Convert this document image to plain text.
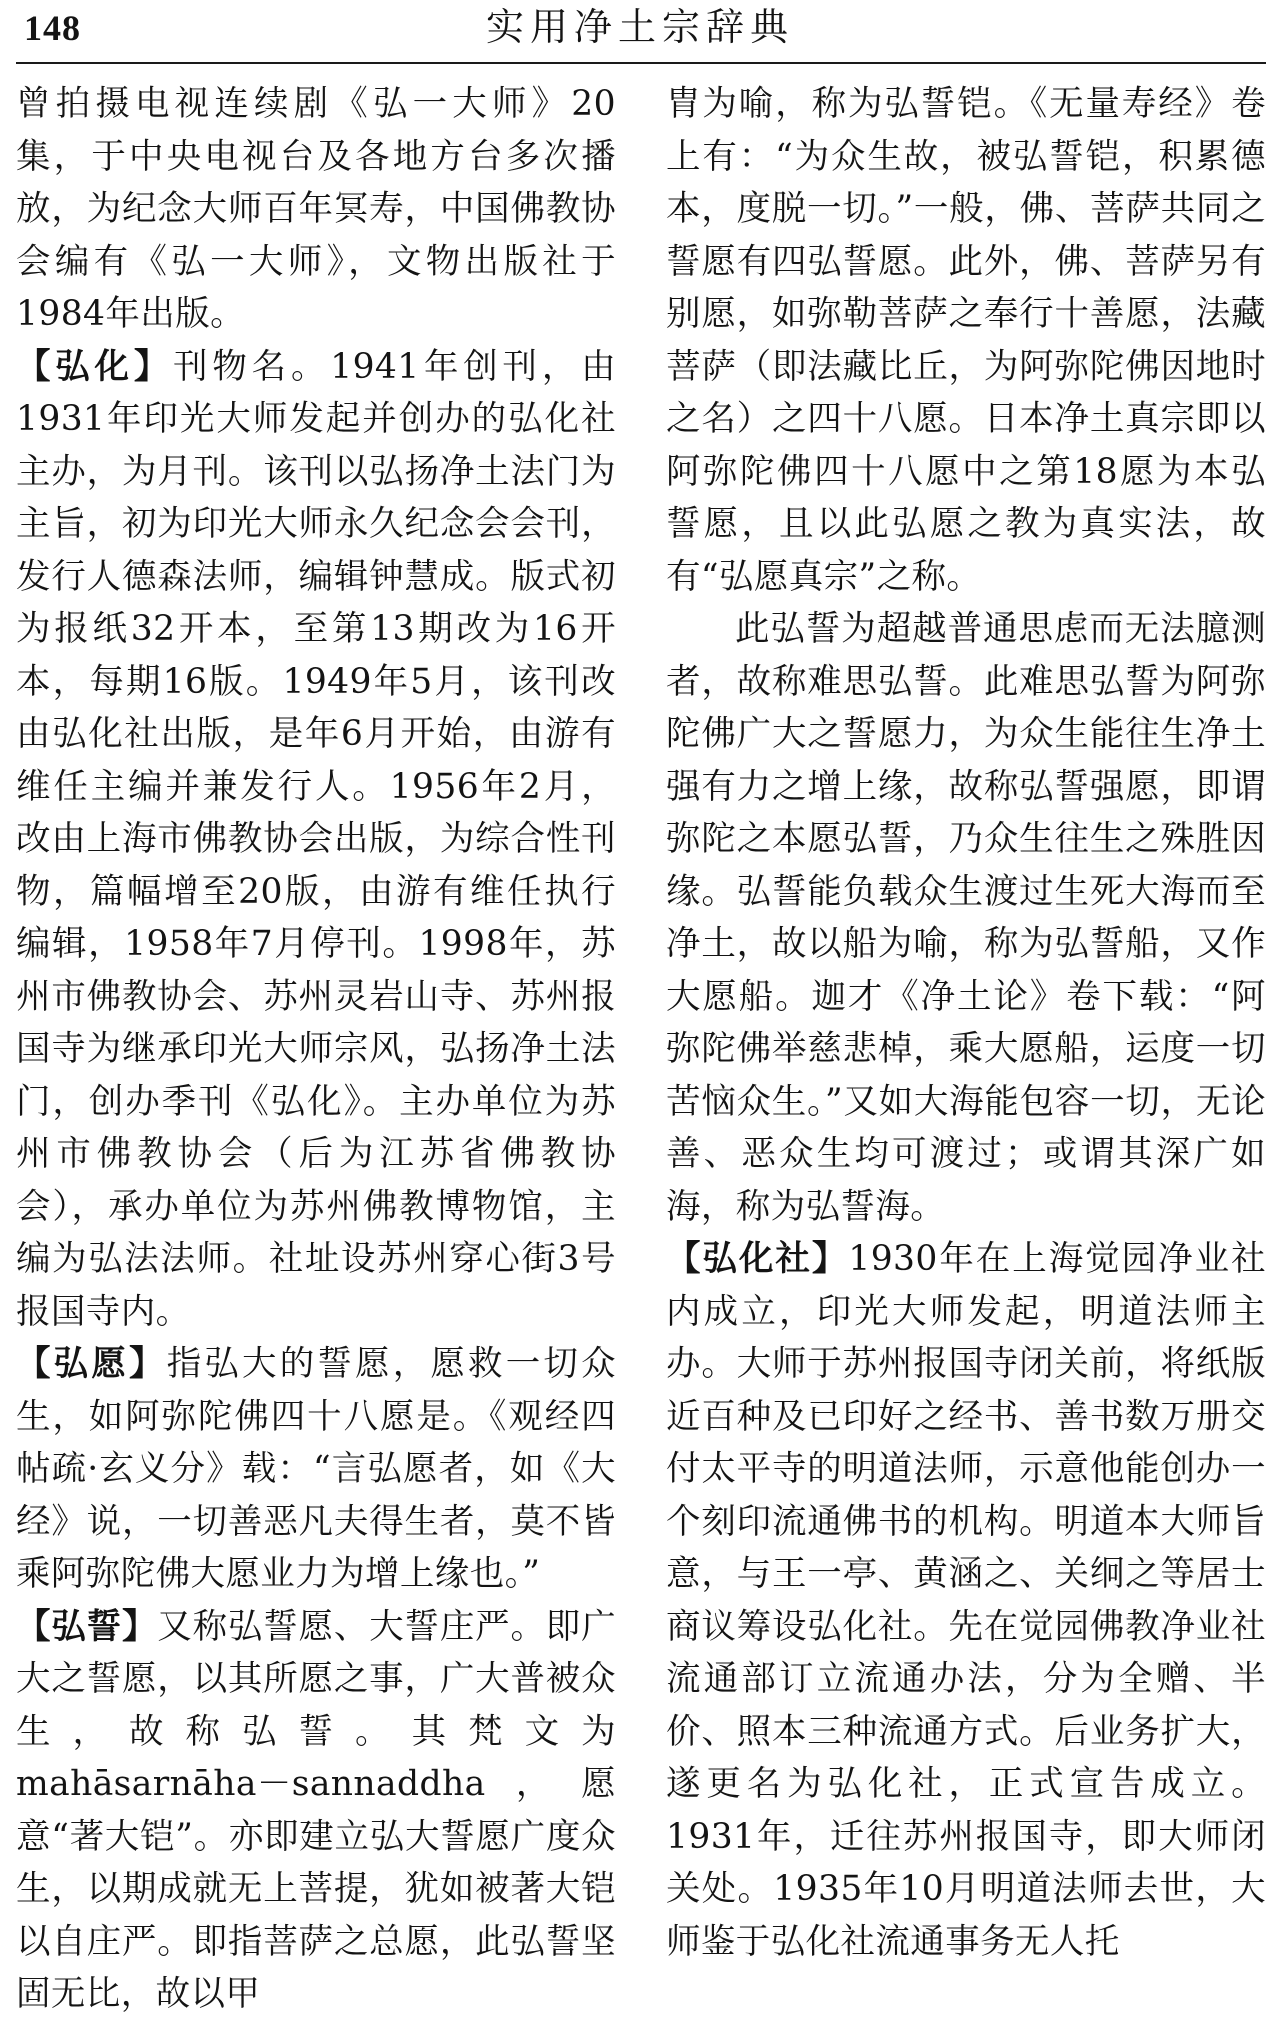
148	实用净土宗辞典

曾拍摄电视连续剧《弘一大师》20集，于中央电视台及各地方台多次播放，为纪念大师百年冥寿，中国佛教协会编有《弘一大师》，文物出版社于1984年出版。

【弘化】刊物名。1941年创刊，由1931年印光大师发起并创办的弘化社主办，为月刊。该刊以弘扬净土法门为主旨，初为印光大师永久纪念会会刊，发行人德森法师，编辑钟慧成。版式初为报纸32开本，至第13期改为16开本，每期16版。1949年5月，该刊改由弘化社出版，是年6月开始，由游有维任主编并兼发行人。1956年2月，改由上海市佛教协会出版，为综合性刊物，篇幅增至20版，由游有维任执行编辑，1958年7月停刊。1998年，苏州市佛教协会、苏州灵岩山寺、苏州报国寺为继承印光大师宗风，弘扬净土法门，创办季刊《弘化》。主办单位为苏州市佛教协会（后为江苏省佛教协会），承办单位为苏州佛教博物馆，主编为弘法法师。社址设苏州穿心街3号报国寺内。

【弘愿】指弘大的誓愿，愿救一切众生，如阿弥陀佛四十八愿是。《观经四帖疏·玄义分》载：“言弘愿者，如《大经》说，一切善恶凡夫得生者，莫不皆乘阿弥陀佛大愿业力为增上缘也。”

【弘誓】又称弘誓愿、大誓庄严。即广大之誓愿，以其所愿之事，广大普被众生，故称弘誓。其梵文为mahāsarnāha－sannaddha，愿意“著大铠”。亦即建立弘大誓愿广度众生，以期成就无上菩提，犹如被著大铠以自庄严。即指菩萨之总愿，此弘誓坚固无比，故以甲

胄为喻，称为弘誓铠。《无量寿经》卷上有：“为众生故，被弘誓铠，积累德本，度脱一切。”一般，佛、菩萨共同之誓愿有四弘誓愿。此外，佛、菩萨另有别愿，如弥勒菩萨之奉行十善愿，法藏菩萨（即法藏比丘，为阿弥陀佛因地时之名）之四十八愿。日本净土真宗即以阿弥陀佛四十八愿中之第18愿为本弘誓愿，且以此弘愿之教为真实法，故有“弘愿真宗”之称。

此弘誓为超越普通思虑而无法臆测者，故称难思弘誓。此难思弘誓为阿弥陀佛广大之誓愿力，为众生能往生净土强有力之增上缘，故称弘誓强愿，即谓弥陀之本愿弘誓，乃众生往生之殊胜因缘。弘誓能负载众生渡过生死大海而至净土，故以船为喻，称为弘誓船，又作大愿船。迦才《净土论》卷下载：“阿弥陀佛举慈悲棹，乘大愿船，运度一切苦恼众生。”又如大海能包容一切，无论善、恶众生均可渡过；或谓其深广如海，称为弘誓海。

【弘化社】1930年在上海觉园净业社内成立，印光大师发起，明道法师主办。大师于苏州报国寺闭关前，将纸版近百种及已印好之经书、善书数万册交付太平寺的明道法师，示意他能创办一个刻印流通佛书的机构。明道本大师旨意，与王一亭、黄涵之、关䌹之等居士商议筹设弘化社。先在觉园佛教净业社流通部订立流通办法，分为全赠、半价、照本三种流通方式。后业务扩大，遂更名为弘化社，正式宣告成立。1931年，迁往苏州报国寺，即大师闭关处。1935年10月明道法师去世，大师鉴于弘化社流通事务无人托
